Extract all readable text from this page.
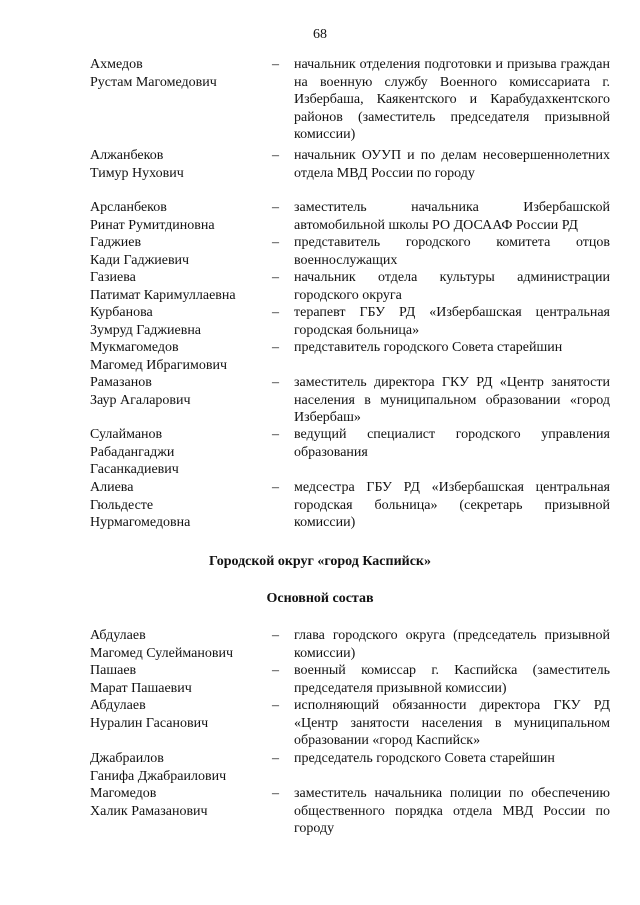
68
Ахмедов
Рустам Магомедович
–	начальник отделения подготовки и призыва граждан на военную службу Военного комиссариата г. Избербаша, Каякентского и Карабудахкентского районов (заместитель председателя призывной комиссии)
Алжанбеков
Тимур Нухович
–	начальник ОУУП и по делам несовершеннолетних отдела МВД России по городу
Арсланбеков
Ринат Румитдиновна
–	заместитель начальника Избербашской автомобильной школы РО ДОСААФ России РД
Гаджиев
Кади Гаджиевич
–	представитель городского комитета отцов военнослужащих
Газиева
Патимат Каримуллаевна
–	начальник отдела культуры администрации городского округа
Курбанова
Зумруд Гаджиевна
–	терапевт ГБУ РД «Избербашская центральная городская больница»
Мукмагомедов
Магомед Ибрагимович
–	представитель городского Совета старейшин
Рамазанов
Заур Агаларович
–	заместитель директора ГКУ РД «Центр занятости населения в муниципальном образовании «город Избербаш»
Сулайманов
Рабадангаджи
Гасанкадиевич
–	ведущий специалист городского управления образования
Алиева
Гюльдесте
Нурмагомедовна
–	медсестра ГБУ РД «Избербашская центральная городская больница» (секретарь призывной комиссии)
Городской округ «город Каспийск»
Основной состав
Абдулаев
Магомед Сулейманович
–	глава городского округа (председатель призывной комиссии)
Пашаев
Марат Пашаевич
–	военный комиссар г. Каспийска (заместитель председателя призывной комиссии)
Абдулаев
Нуралин Гасанович
–	исполняющий обязанности директора ГКУ РД «Центр занятости населения в муниципальном образовании «город Каспийск»
Джабраилов
Ганифа Джабраилович
–	председатель городского Совета старейшин
Магомедов
Халик Рамазанович
–	заместитель начальника полиции по обеспечению общественного порядка отдела МВД России по городу
